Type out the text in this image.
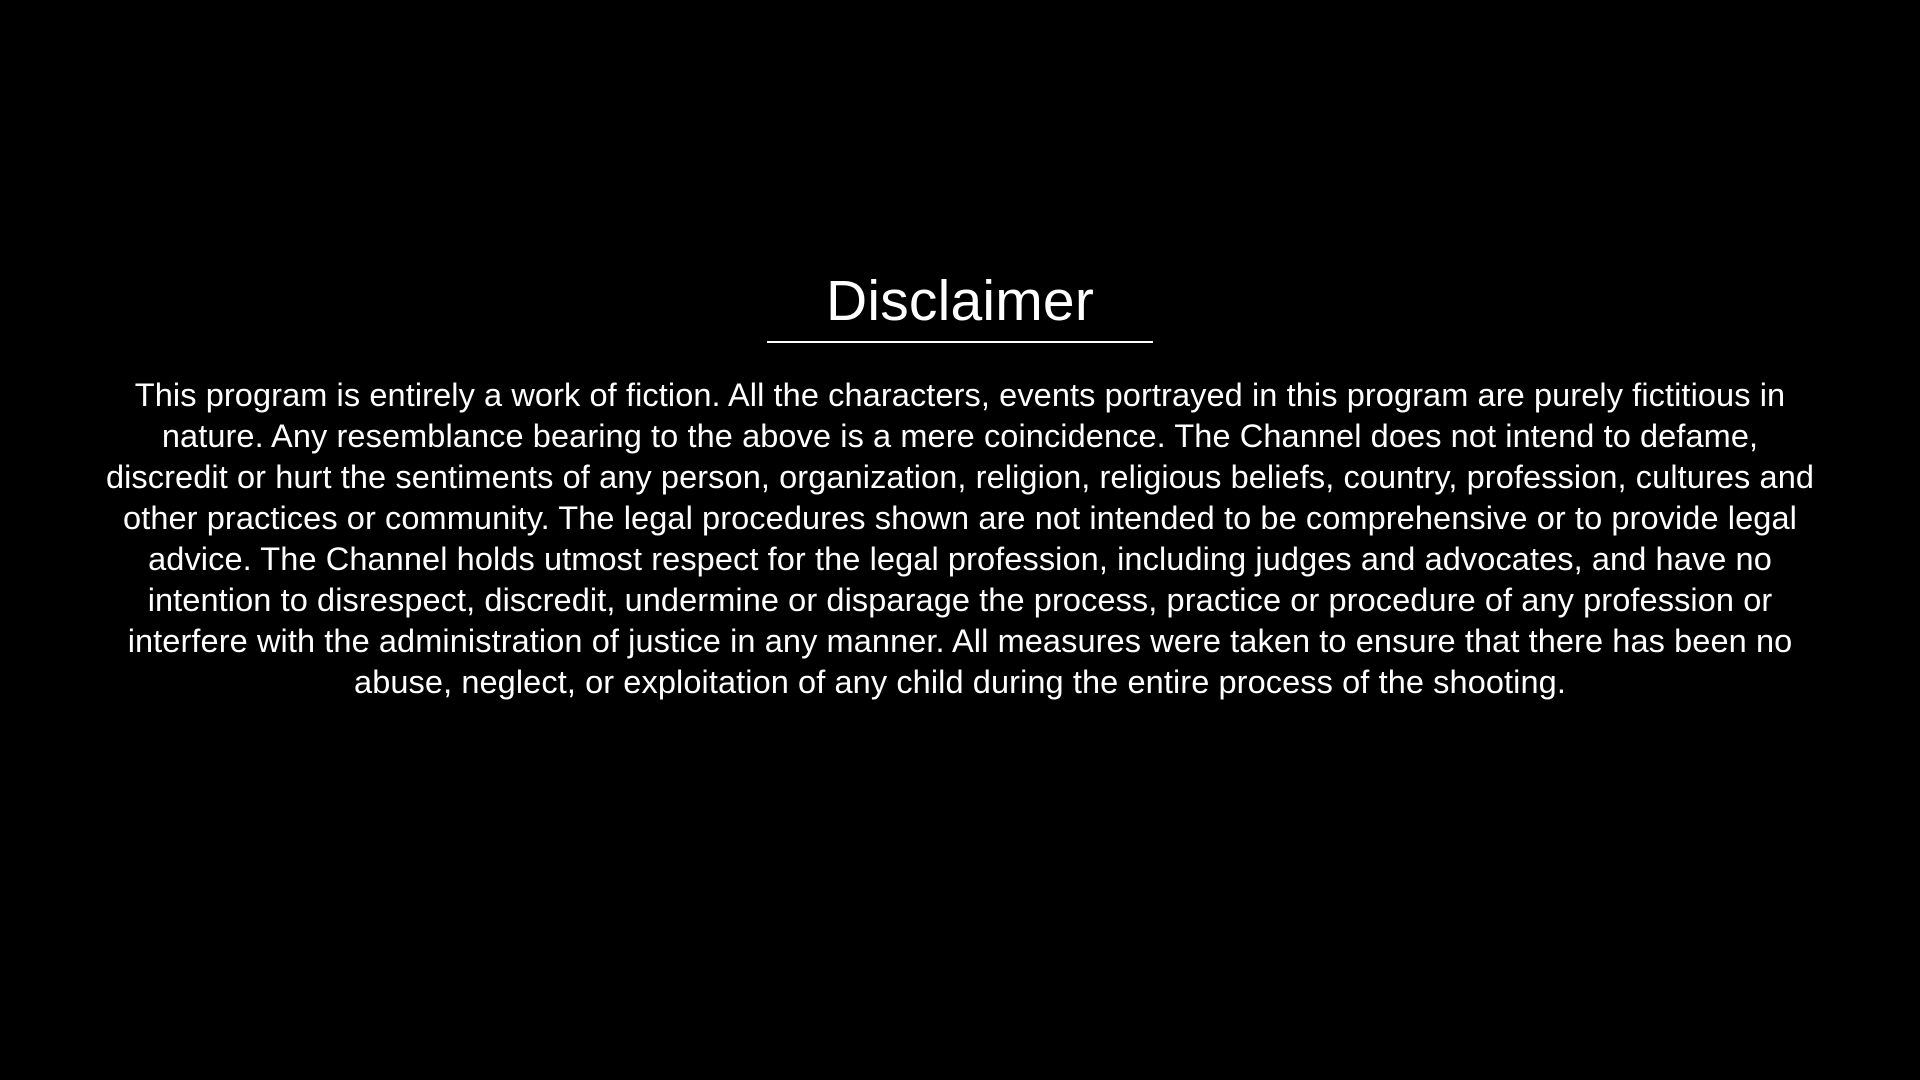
Disclaimer
This program is entirely a work of fiction. All the characters, events portrayed in this program are purely fictitious in nature. Any resemblance bearing to the above is a mere coincidence. The Channel does not intend to defame, discredit or hurt the sentiments of any person, organization, religion, religious beliefs, country, profession, cultures and other practices or community. The legal procedures shown are not intended to be comprehensive or to provide legal advice. The Channel holds utmost respect for the legal profession, including judges and advocates, and have no intention to disrespect, discredit, undermine or disparage the process, practice or procedure of any profession or interfere with the administration of justice in any manner. All measures were taken to ensure that there has been no abuse, neglect, or exploitation of any child during the entire process of the shooting.
